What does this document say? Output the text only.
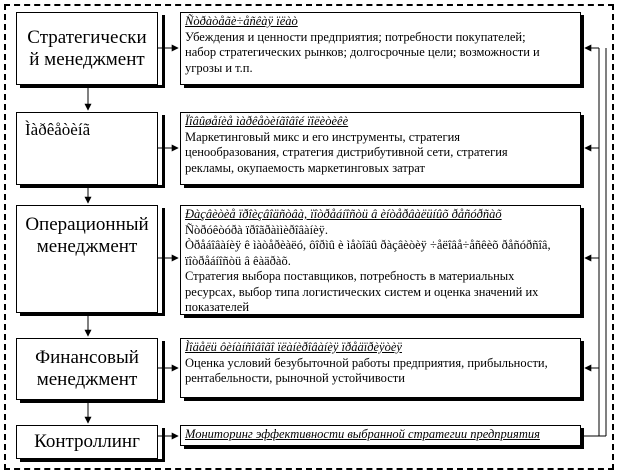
Стратегически
й менеджмент
Ñòðàòåãè÷åñêàÿ ïëàò
Убеждения и ценности предприятия; потребности покупателей;
набор стратегических рынков; долгосрочные цели; возможности и
угрозы и т.п.
Ìàðêåòèíã	Ïîâûøåíèå ìàðêåòèíãîâîé ïîëèòèêè
Маркетинговый микс и его инструменты, стратегия
ценообразования, стратегия дистрибутивной сети, стратегия
рекламы, окупаемость маркетинговых затрат
Операционный
менеджмент
Ðàçâèòèå ïðîèçâîäñòâà, ïîòðåáíîñòü â èíòåðâàëüíûõ ðåñóðñàõ
Ñòðóêòóðà ïðîãðàììèðîâàíèÿ.
Òðåáîâàíèÿ ê ìàòåðèàëó, ôîðìû è ìåòîäû ðàçâèòèÿ ÷åëîâå÷åñêèõ ðåñóðñîâ, ïîòðåáíîñòü â êàäðàõ.
Стратегия выбора поставщиков, потребность в материальных
ресурсах, выбор типа логистических систем и оценка значений их
показателей
Финансовый
менеджмент
Ìîäåëü ôèíàíñîâîãî ïëàíèðîâàíèÿ ïðåäïðèÿòèÿ
Оценка условий безубыточной работы предприятия, прибыльности,
рентабельности, рыночной устойчивости
Контроллинг	Мониторинг эффективности выбранной стратегии предприятия
